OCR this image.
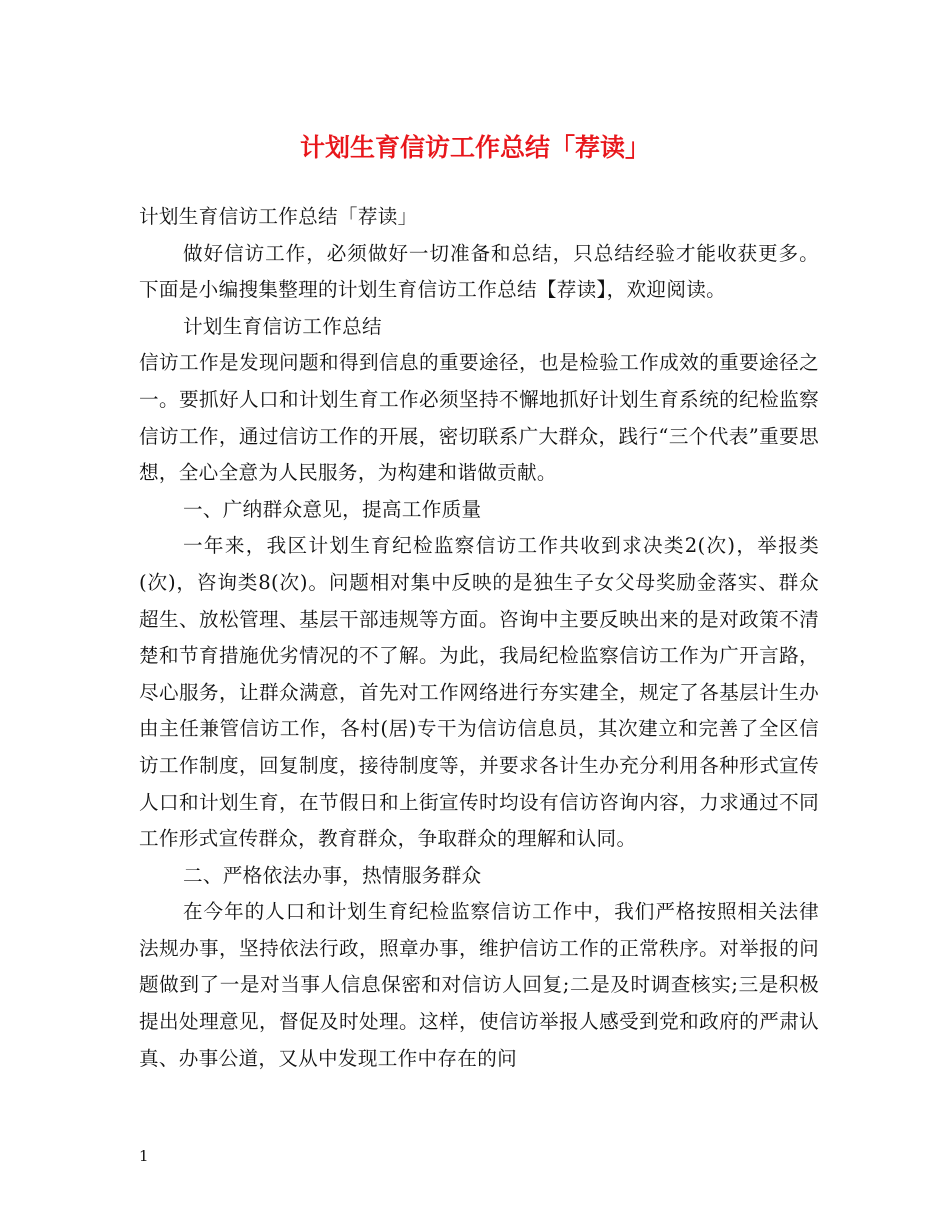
计划生育信访工作总结「荐读」

计划生育信访工作总结「荐读」

做好信访工作，必须做好一切准备和总结，只总结经验才能收获更多。下面是小编搜集整理的计划生育信访工作总结【荐读】，欢迎阅读。

计划生育信访工作总结

信访工作是发现问题和得到信息的重要途径，也是检验工作成效的重要途径之一。要抓好人口和计划生育工作必须坚持不懈地抓好计划生育系统的纪检监察信访工作，通过信访工作的开展，密切联系广大群众，践行“三个代表”重要思想，全心全意为人民服务，为构建和谐做贡献。

一、广纳群众意见，提高工作质量

一年来，我区计划生育纪检监察信访工作共收到求决类2(次)，举报类(次)，咨询类8(次)。问题相对集中反映的是独生子女父母奖励金落实、群众超生、放松管理、基层干部违规等方面。咨询中主要反映出来的是对政策不清楚和节育措施优劣情况的不了解。为此，我局纪检监察信访工作为广开言路，尽心服务，让群众满意，首先对工作网络进行夯实建全，规定了各基层计生办由主任兼管信访工作，各村(居)专干为信访信息员，其次建立和完善了全区信访工作制度，回复制度，接待制度等，并要求各计生办充分利用各种形式宣传人口和计划生育，在节假日和上街宣传时均设有信访咨询内容，力求通过不同工作形式宣传群众，教育群众，争取群众的理解和认同。

二、严格依法办事，热情服务群众

在今年的人口和计划生育纪检监察信访工作中，我们严格按照相关法律法规办事，坚持依法行政，照章办事，维护信访工作的正常秩序。对举报的问题做到了一是对当事人信息保密和对信访人回复;二是及时调查核实;三是积极提出处理意见，督促及时处理。这样，使信访举报人感受到党和政府的严肃认真、办事公道，又从中发现工作中存在的问

1
